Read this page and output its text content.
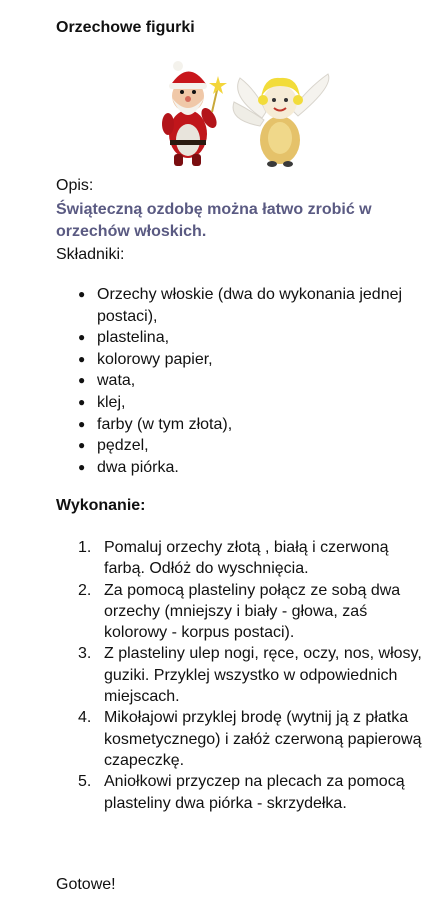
Orzechowe figurki

Opis:

Świąteczną ozdobę można łatwo zrobić w orzechów włoskich.

Składniki:

● Orzechy włoskie (dwa do wykonania jednej postaci),
● plastelina,
● kolorowy papier,
● wata,
● klej,
● farby (w tym złota),
● pędzel,
● dwa piórka.

Wykonanie:

1. Pomaluj orzechy złotą , białą i czerwoną farbą. Odłóż do wyschnięcia.
2. Za pomocą plasteliny połącz ze sobą dwa orzechy (mniejszy i biały - głowa, zaś kolorowy - korpus postaci).
3. Z plasteliny ulep nogi, ręce, oczy, nos, włosy, guziki. Przyklej wszystko w odpowiednich miejscach.
4. Mikołajowi przyklej brodę (wytnij ją z płatka kosmetycznego) i załóż czerwoną papierową czapeczkę.
5. Aniołkowi przyczep na plecach za pomocą plasteliny dwa piórka - skrzydełka.

Gotowe!
